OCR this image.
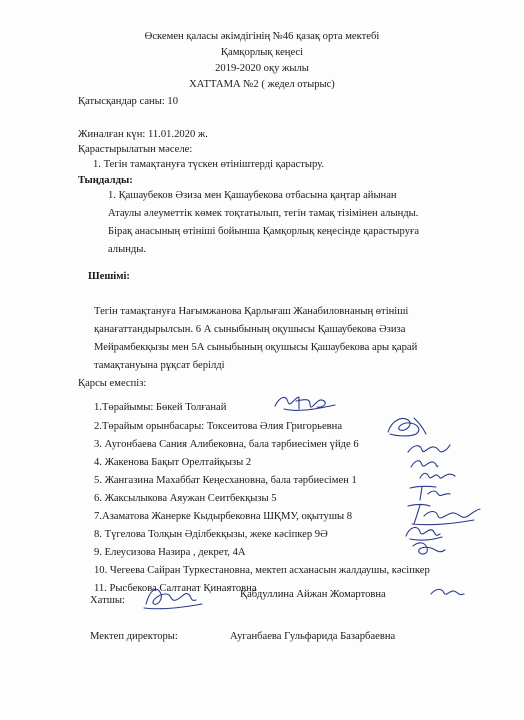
Өскемен қаласы әкімдігінің №46 қазақ орта мектебі
Қамқорлық кеңесі
2019-2020 оқу жылы
ХАТТАМА №2 ( жедел отырыс)
Қатысқандар саны: 10
Жиналған күн: 11.01.2020 ж.
Қарастырылатын мәселе:
1. Тегін тамақтануға түскен өтініштерді қарастыру.
Тыңдалды:
1. Қашаубеков Әзиза мен Қашаубекова отбасына қаңтар айынан
Атаулы әлеуметтік көмек тоқтатылып, тегін тамақ тізімінен алынды.
Бірақ анасының өтініші бойынша Қамқорлық кеңесінде қарастыруға
алынды.
Шешімі:
Тегін тамақтануға Нағымжанова Қарлығаш Жанабиловнаның өтініші
қанағаттандырылсын. 6 А сыныбының оқушысы Қашаубекова Әзиза
Мейрамбекқызы мен 5А сыныбының оқушысы Қашаубекова ары қарай
тамақтануына рұқсат берілді
Қарсы емеспіз:
1.Төрайымы: Бөкей Толғанай
2.Төрайым орынбасары: Токсеитова Әлия Григорьевна
3. Аугонбаева Сания Алибековна, бала тәрбиесімен үйде 6
4. Жакенова Бақыт Орелтайқызы 2
5. Жангазина Махаббат Кеңесхановна, бала тәрбиесімен 1
6. Жаксылыкова Аяужан Сеитбекқызы 5
7.Азаматова Жанерке Кыдырбековна ШҚМУ, оқытушы 8
8. Түгелова Толқын Әділбекқызы, жеке кәсіпкер 9Ә
9. Елеусизова Назира , декрет, 4А
10. Чегеева Сайран Туркестановна, мектеп асханасын жалдаушы, кәсіпкер
11. Рысбекова Салтанат Қинаятовна
Хатшы:
Қабдуллина Айжан Жомартовна
Мектеп директоры:	Ауганбаева Гульфарида Базарбаевна
